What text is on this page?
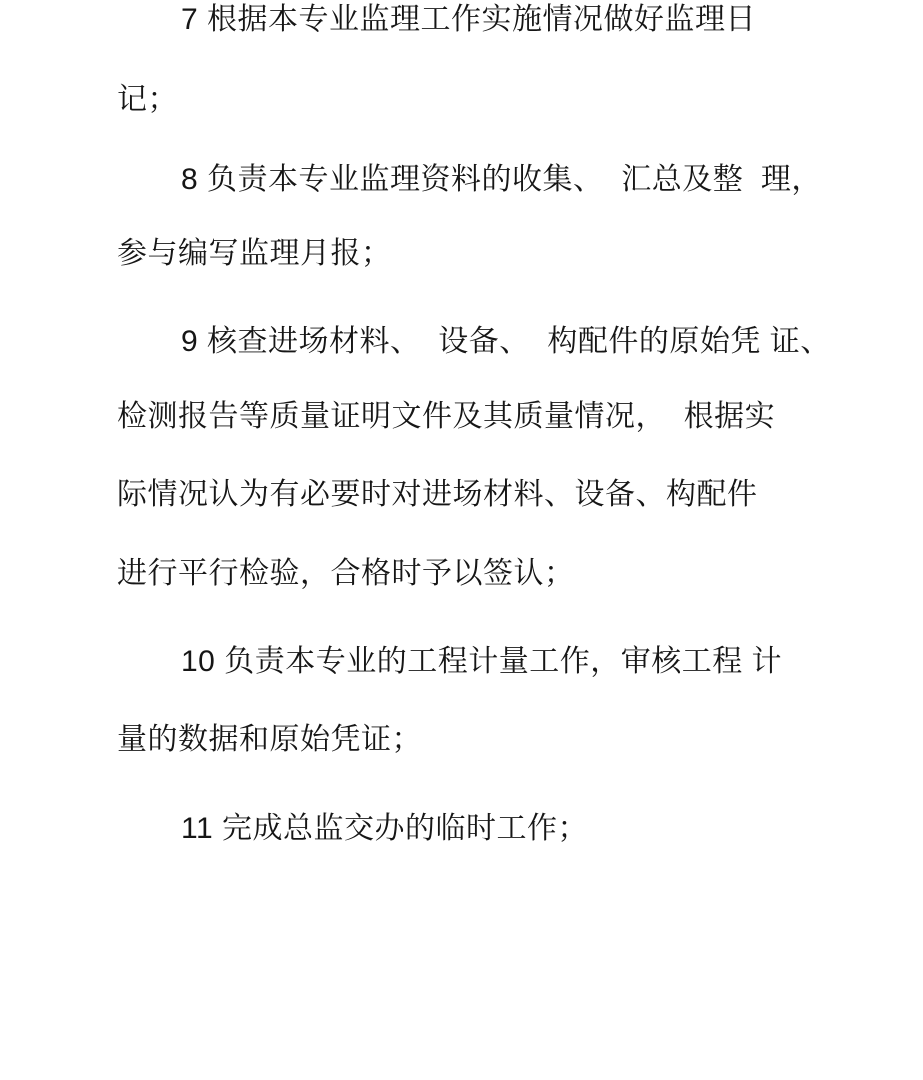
7 根据本专业监理工作实施情况做好监理日
记；
8 负责本专业监理资料的收集、  汇总及整  理，
参与编写监理月报；
9 核查进场材料、  设备、  构配件的原始凭 证、
检测报告等质量证明文件及其质量情况，  根据实
际情况认为有必要时对进场材料、设备、构配件
进行平行检验，合格时予以签认；
10 负责本专业的工程计量工作，审核工程 计
量的数据和原始凭证；
11 完成总监交办的临时工作；
